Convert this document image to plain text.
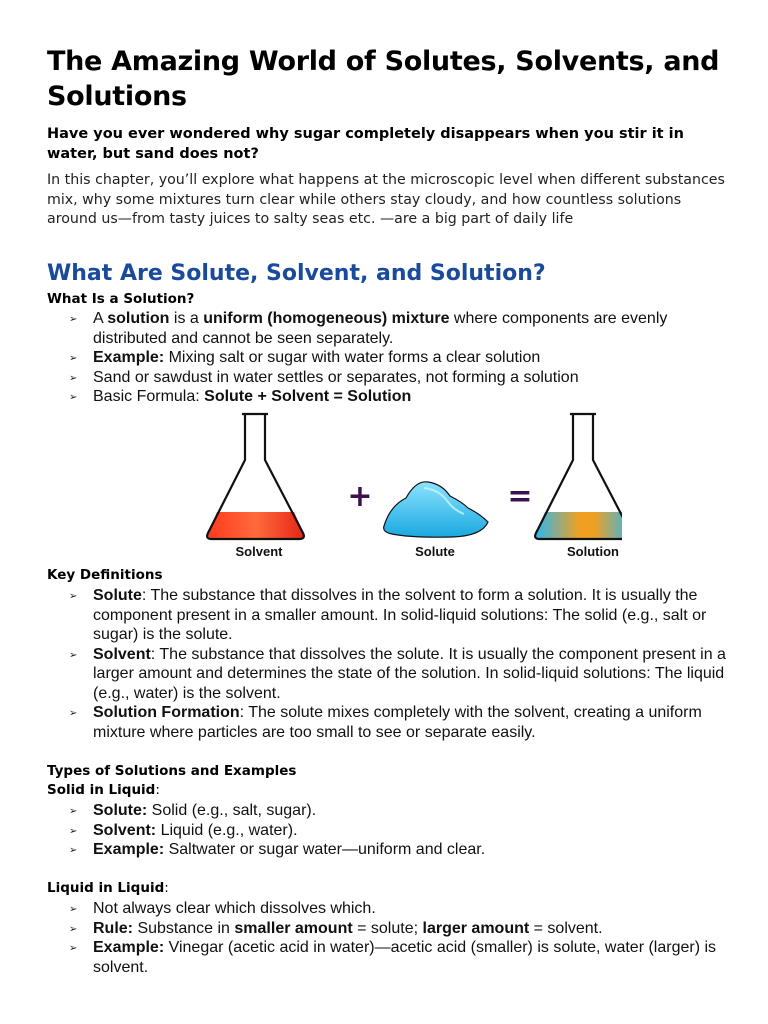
The Amazing World of Solutes, Solvents, and Solutions

Have you ever wondered why sugar completely disappears when you stir it in water, but sand does not?

In this chapter, you’ll explore what happens at the microscopic level when different substances mix, why some mixtures turn clear while others stay cloudy, and how countless solutions around us—from tasty juices to salty seas etc. —are a big part of daily life

What Are Solute, Solvent, and Solution?
What Is a Solution?
➢ A solution is a uniform (homogeneous) mixture where components are evenly distributed and cannot be seen separately.
➢ Example: Mixing salt or sugar with water forms a clear solution
➢ Sand or sawdust in water settles or separates, not forming a solution
➢ Basic Formula: Solute + Solvent = Solution
+	=
Solvent	Solute	Solution
Key Definitions
➢ Solute: The substance that dissolves in the solvent to form a solution. It is usually the component present in a smaller amount. In solid-liquid solutions: The solid (e.g., salt or sugar) is the solute.
➢ Solvent: The substance that dissolves the solute. It is usually the component present in a larger amount and determines the state of the solution. In solid-liquid solutions: The liquid (e.g., water) is the solvent.
➢ Solution Formation: The solute mixes completely with the solvent, creating a uniform mixture where particles are too small to see or separate easily.
Types of Solutions and Examples
Solid in Liquid:
➢ Solute: Solid (e.g., salt, sugar).
➢ Solvent: Liquid (e.g., water).
➢ Example: Saltwater or sugar water—uniform and clear.
Liquid in Liquid:
➢ Not always clear which dissolves which.
➢ Rule: Substance in smaller amount = solute; larger amount = solvent.
➢ Example: Vinegar (acetic acid in water)—acetic acid (smaller) is solute, water (larger) is solvent.
